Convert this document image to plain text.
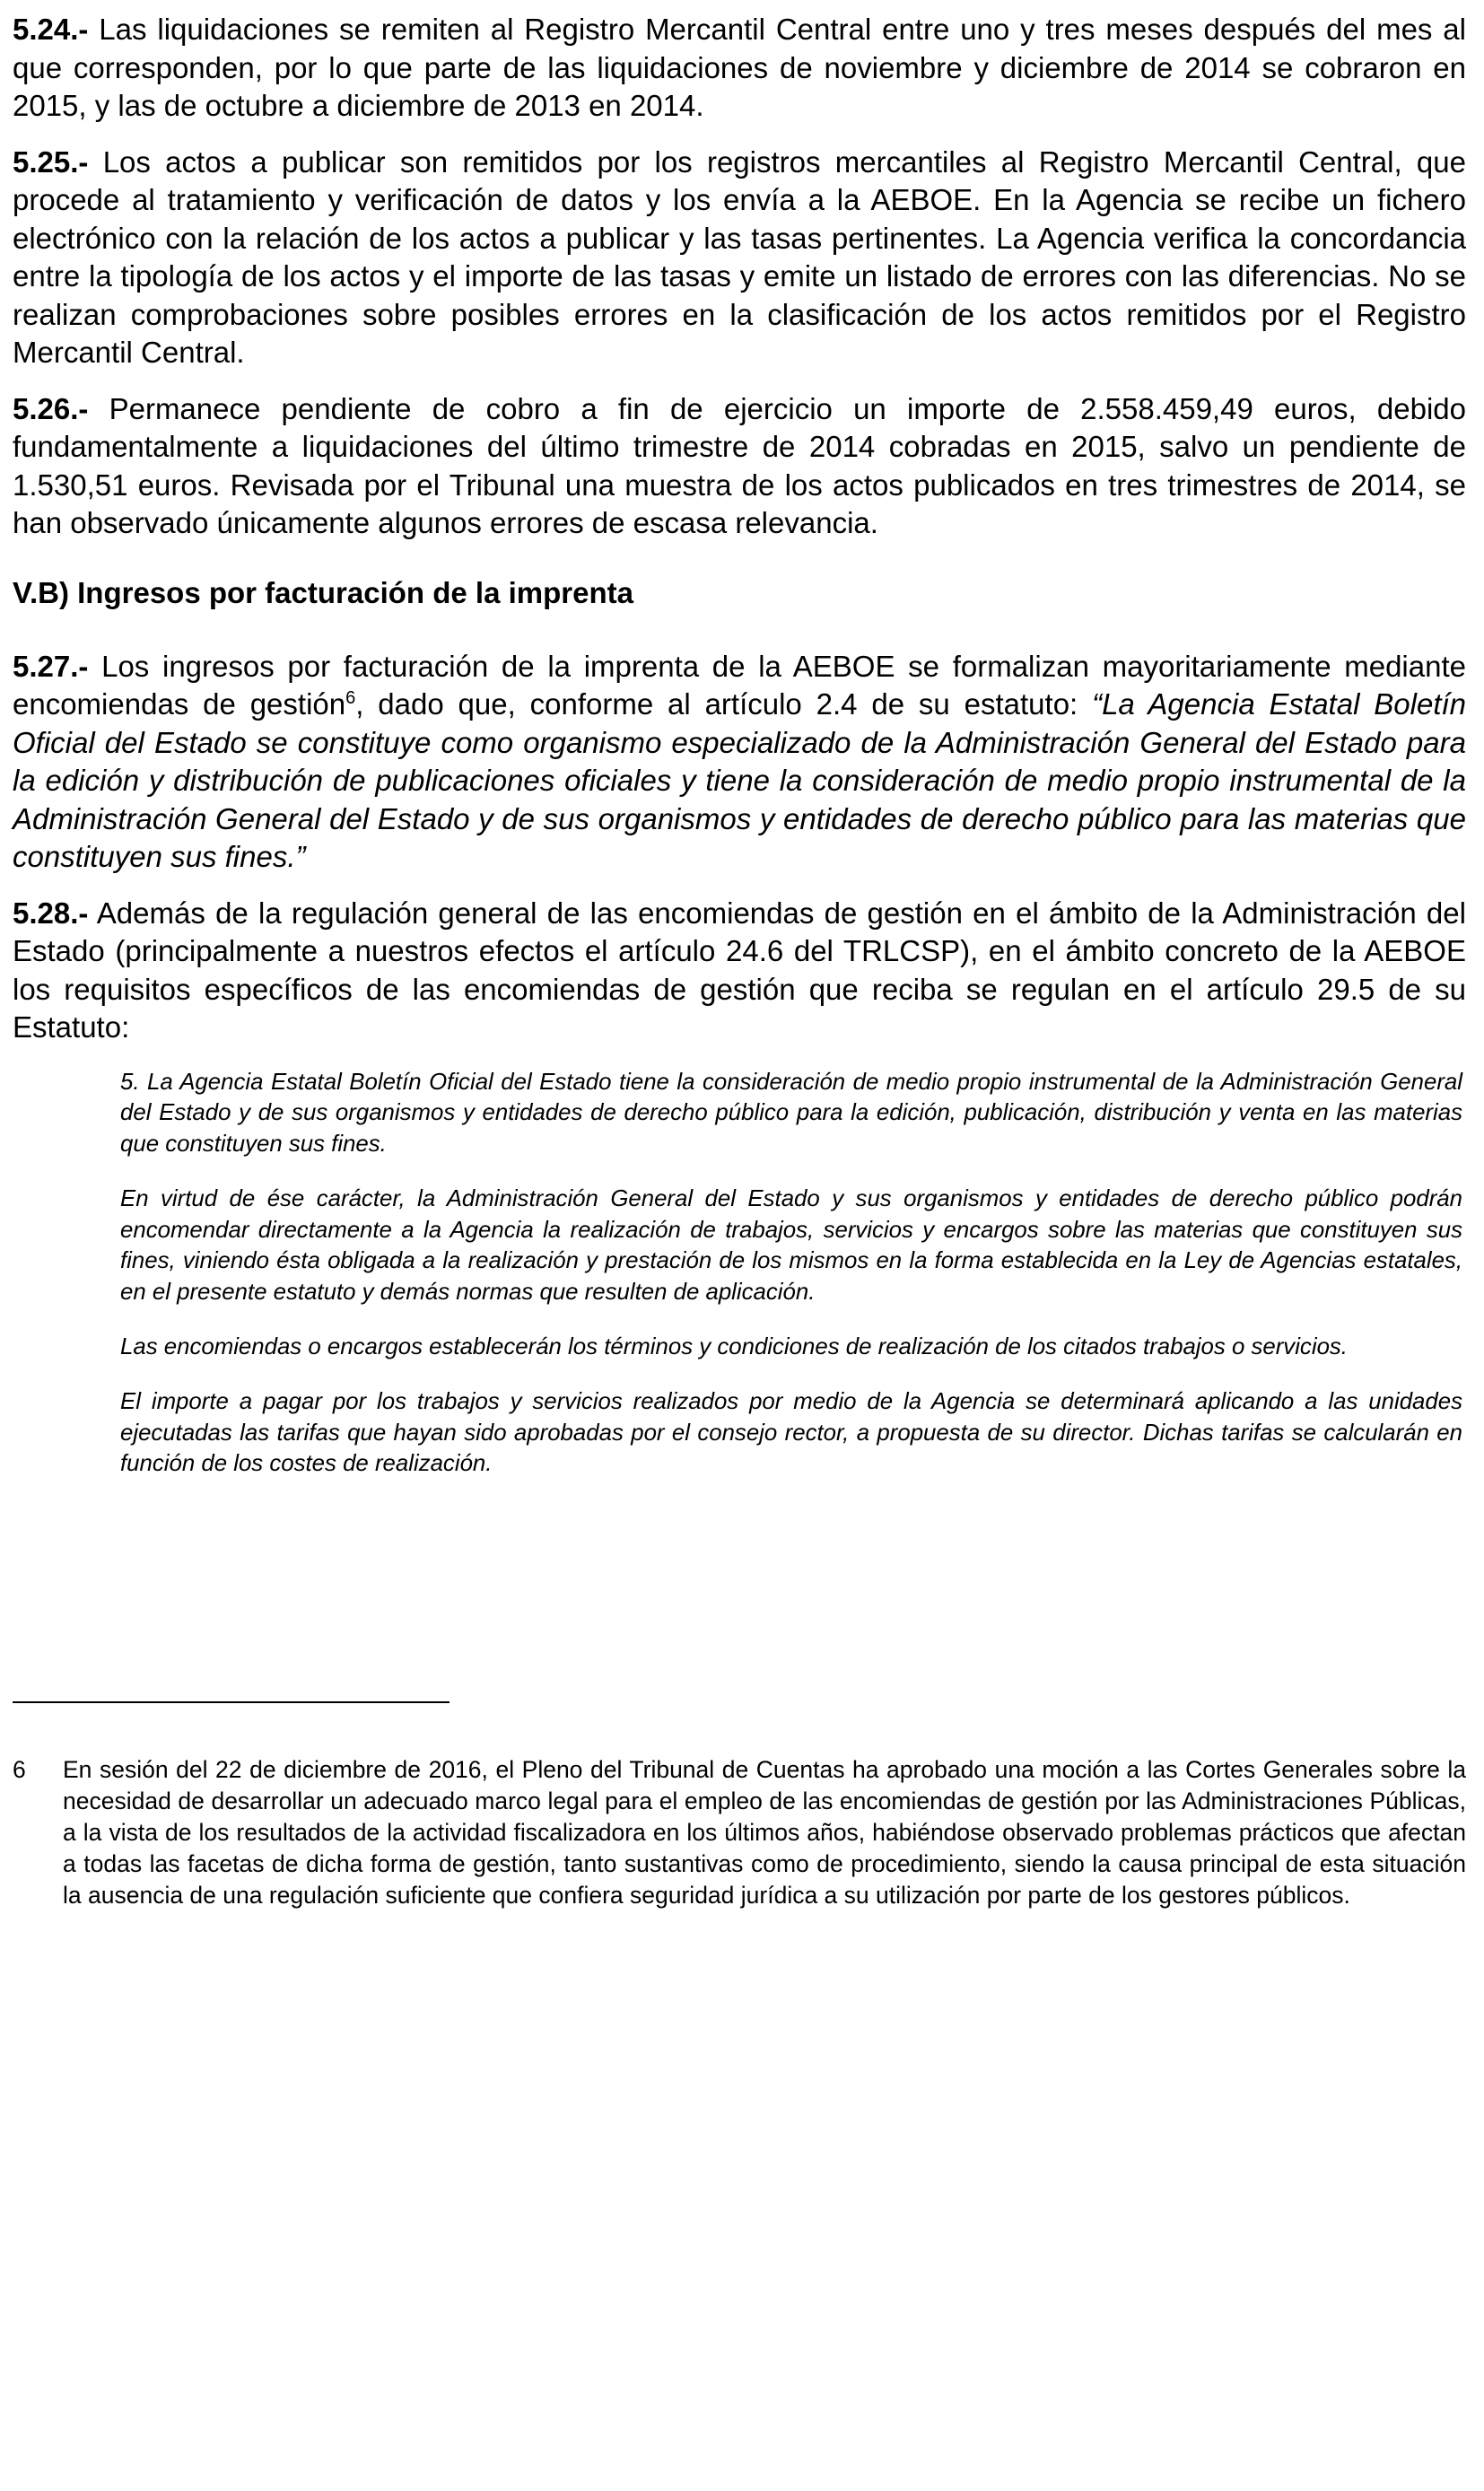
5.24.- Las liquidaciones se remiten al Registro Mercantil Central entre uno y tres meses después del mes al que corresponden, por lo que parte de las liquidaciones de noviembre y diciembre de 2014 se cobraron en 2015, y las de octubre a diciembre de 2013 en 2014.

5.25.- Los actos a publicar son remitidos por los registros mercantiles al Registro Mercantil Central, que procede al tratamiento y verificación de datos y los envía a la AEBOE. En la Agencia se recibe un fichero electrónico con la relación de los actos a publicar y las tasas pertinentes. La Agencia verifica la concordancia entre la tipología de los actos y el importe de las tasas y emite un listado de errores con las diferencias. No se realizan comprobaciones sobre posibles errores en la clasificación de los actos remitidos por el Registro Mercantil Central.

5.26.- Permanece pendiente de cobro a fin de ejercicio un importe de 2.558.459,49 euros, debido fundamentalmente a liquidaciones del último trimestre de 2014 cobradas en 2015, salvo un pendiente de 1.530,51 euros. Revisada por el Tribunal una muestra de los actos publicados en tres trimestres de 2014, se han observado únicamente algunos errores de escasa relevancia.

V.B) Ingresos por facturación de la imprenta

5.27.- Los ingresos por facturación de la imprenta de la AEBOE se formalizan mayoritariamente mediante encomiendas de gestión$^6$, dado que, conforme al artículo 2.4 de su estatuto: “La Agencia Estatal Boletín Oficial del Estado se constituye como organismo especializado de la Administración General del Estado para la edición y distribución de publicaciones oficiales y tiene la consideración de medio propio instrumental de la Administración General del Estado y de sus organismos y entidades de derecho público para las materias que constituyen sus fines.”

5.28.- Además de la regulación general de las encomiendas de gestión en el ámbito de la Administración del Estado (principalmente a nuestros efectos el artículo 24.6 del TRLCSP), en el ámbito concreto de la AEBOE los requisitos específicos de las encomiendas de gestión que reciba se regulan en el artículo 29.5 de su Estatuto:

5. La Agencia Estatal Boletín Oficial del Estado tiene la consideración de medio propio instrumental de la Administración General del Estado y de sus organismos y entidades de derecho público para la edición, publicación, distribución y venta en las materias que constituyen sus fines.

En virtud de ése carácter, la Administración General del Estado y sus organismos y entidades de derecho público podrán encomendar directamente a la Agencia la realización de trabajos, servicios y encargos sobre las materias que constituyen sus fines, viniendo ésta obligada a la realización y prestación de los mismos en la forma establecida en la Ley de Agencias estatales, en el presente estatuto y demás normas que resulten de aplicación.

Las encomiendas o encargos establecerán los términos y condiciones de realización de los citados trabajos o servicios.

El importe a pagar por los trabajos y servicios realizados por medio de la Agencia se determinará aplicando a las unidades ejecutadas las tarifas que hayan sido aprobadas por el consejo rector, a propuesta de su director. Dichas tarifas se calcularán en función de los costes de realización.

6	En sesión del 22 de diciembre de 2016, el Pleno del Tribunal de Cuentas ha aprobado una moción a las Cortes Generales sobre la necesidad de desarrollar un adecuado marco legal para el empleo de las encomiendas de gestión por las Administraciones Públicas, a la vista de los resultados de la actividad fiscalizadora en los últimos años, habiéndose observado problemas prácticos que afectan a todas las facetas de dicha forma de gestión, tanto sustantivas como de procedimiento, siendo la causa principal de esta situación la ausencia de una regulación suficiente que confiera seguridad jurídica a su utilización por parte de los gestores públicos.
